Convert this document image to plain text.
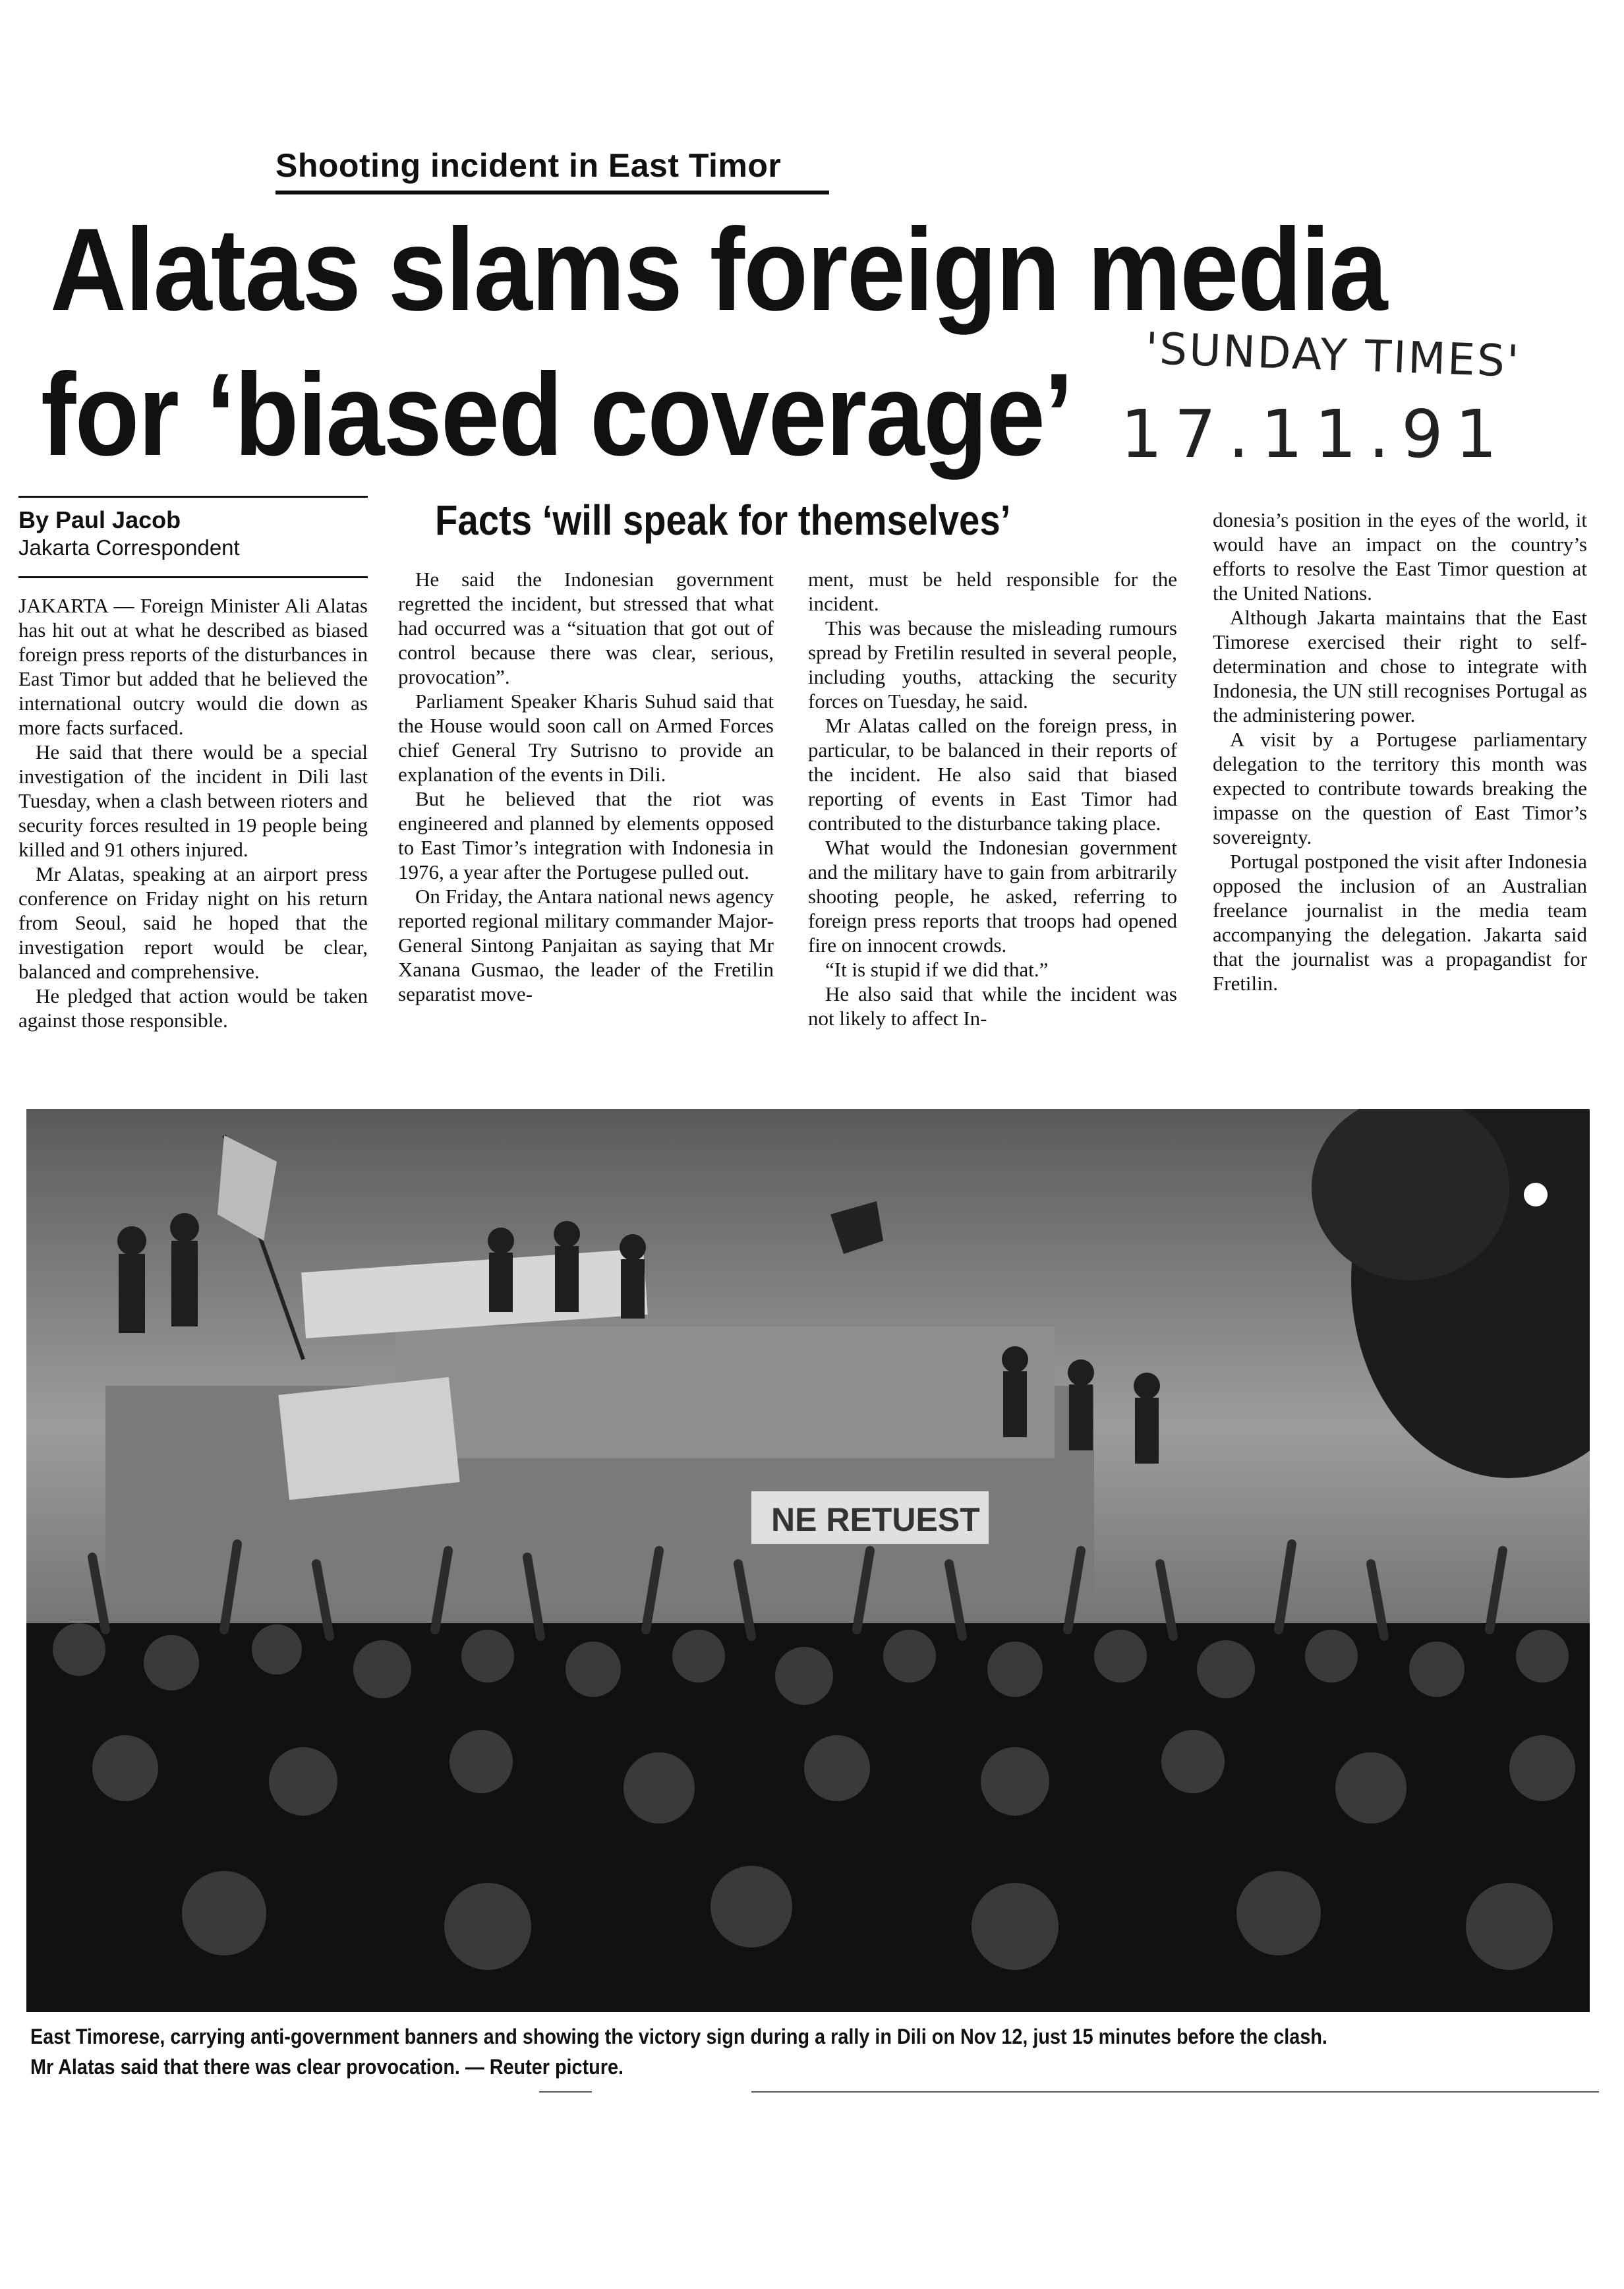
Shooting incident in East Timor
Alatas slams foreign media
for ‘biased coverage’ 'SUNDAY TIMES'
17.11.91
By Paul Jacob
Jakarta Correspondent
Facts ‘will speak for themselves’

JAKARTA — Foreign Minister Ali Alatas has hit out at what he described as biased foreign press reports of the disturbances in East Timor but added that he believed the international outcry would die down as more facts surfaced.

He said that there would be a special investigation of the incident in Dili last Tuesday, when a clash between rioters and security forces resulted in 19 people being killed and 91 others injured.

Mr Alatas, speaking at an airport press conference on Friday night on his return from Seoul, said he hoped that the investigation report would be clear, balanced and comprehensive.

He pledged that action would be taken against those responsible.

He said the Indonesian government regretted the incident, but stressed that what had occurred was a “situation that got out of control because there was clear, serious, provocation”.

Parliament Speaker Kharis Suhud said that the House would soon call on Armed Forces chief General Try Sutrisno to provide an explanation of the events in Dili.

But he believed that the riot was engineered and planned by elements opposed to East Timor’s integration with Indonesia in 1976, a year after the Portugese pulled out.

On Friday, the Antara national news agency reported regional military commander Major-General Sintong Panjaitan as saying that Mr Xanana Gusmao, the leader of the Fretilin separatist move-

ment, must be held responsible for the incident.

This was because the misleading rumours spread by Fretilin resulted in several people, including youths, attacking the security forces on Tuesday, he said.

Mr Alatas called on the foreign press, in particular, to be balanced in their reports of the incident. He also said that biased reporting of events in East Timor had contributed to the disturbance taking place.

What would the Indonesian government and the military have to gain from arbitrarily shooting people, he asked, referring to foreign press reports that troops had opened fire on innocent crowds.

“It is stupid if we did that.”

He also said that while the incident was not likely to affect In-

donesia’s position in the eyes of the world, it would have an impact on the country’s efforts to resolve the East Timor question at the United Nations.

Although Jakarta maintains that the East Timorese exercised their right to self-determination and chose to integrate with Indonesia, the UN still recognises Portugal as the administering power.

A visit by a Portugese parliamentary delegation to the territory this month was expected to contribute towards breaking the impasse on the question of East Timor’s sovereignty.

Portugal postponed the visit after Indonesia opposed the inclusion of an Australian freelance journalist in the media team accompanying the delegation. Jakarta said that the journalist was a propagandist for Fretilin.

NE RETUEST
East Timorese, carrying anti-government banners and showing the victory sign during a rally in Dili on Nov 12, just 15 minutes before the clash.
Mr Alatas said that there was clear provocation. — Reuter picture.
